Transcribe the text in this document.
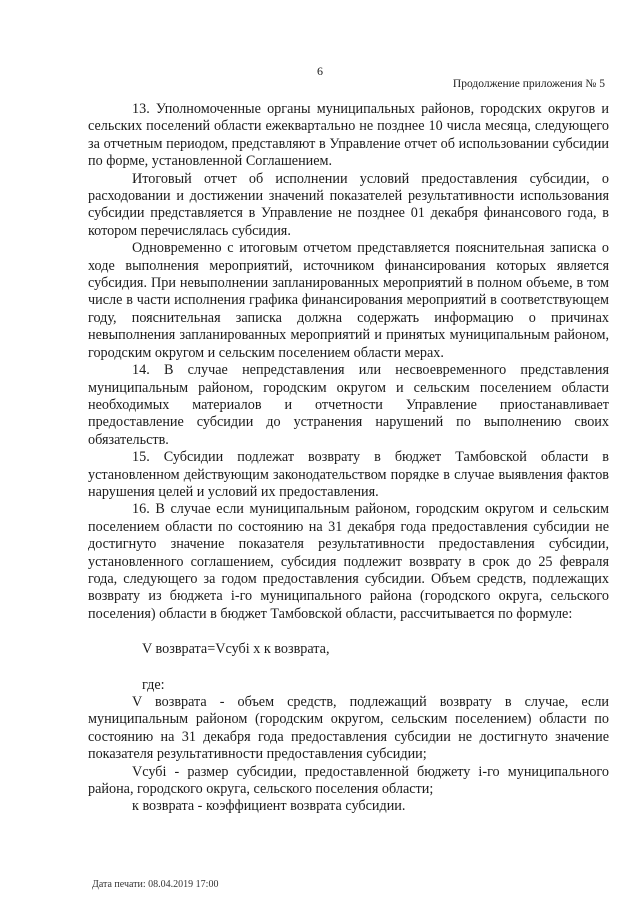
6
Продолжение приложения № 5

13. Уполномоченные органы муниципальных районов, городских округов и сельских поселений области ежеквартально не позднее 10 числа месяца, следующего за отчетным периодом, представляют в Управление отчет об использовании субсидии по форме, установленной Соглашением.

Итоговый отчет об исполнении условий предоставления субсидии, о расходовании и достижении значений показателей результативности использования субсидии представляется в Управление не позднее 01 декабря финансового года, в котором перечислялась субсидия.

Одновременно с итоговым отчетом представляется пояснительная записка о ходе выполнения мероприятий, источником финансирования которых является субсидия. При невыполнении запланированных мероприятий в полном объеме, в том числе в части исполнения графика финансирования мероприятий в соответствующем году, пояснительная записка должна содержать информацию о причинах невыполнения запланированных мероприятий и принятых муниципальным районом, городским округом и сельским поселением области мерах.

14. В случае непредставления или несвоевременного представления муниципальным районом, городским округом и сельским поселением области необходимых материалов и отчетности Управление приостанавливает предоставление субсидии до устранения нарушений по выполнению своих обязательств.

15. Субсидии подлежат возврату в бюджет Тамбовской области в установленном действующим законодательством порядке в случае выявления фактов нарушения целей и условий их предоставления.

16. В случае если муниципальным районом, городским округом и сельским поселением области по состоянию на 31 декабря года предоставления субсидии не достигнуто значение показателя результативности предоставления субсидии, установленного соглашением, субсидия подлежит возврату в срок до 25 февраля года, следующего за годом предоставления субсидии. Объем средств, подлежащих возврату из бюджета i-го муниципального района (городского округа, сельского поселения) области в бюджет Тамбовской области, рассчитывается по формуле:

V возврата=Vсубi х к возврата,

где:

V возврата - объем средств, подлежащий возврату в случае, если муниципальным районом (городским округом, сельским поселением) области по состоянию на 31 декабря года предоставления субсидии не достигнуто значение показателя результативности предоставления субсидии;

Vсубi - размер субсидии, предоставленной бюджету i-го муниципального района, городского округа, сельского поселения области;

к возврата - коэффициент возврата субсидии.

Дата печати: 08.04.2019 17:00
